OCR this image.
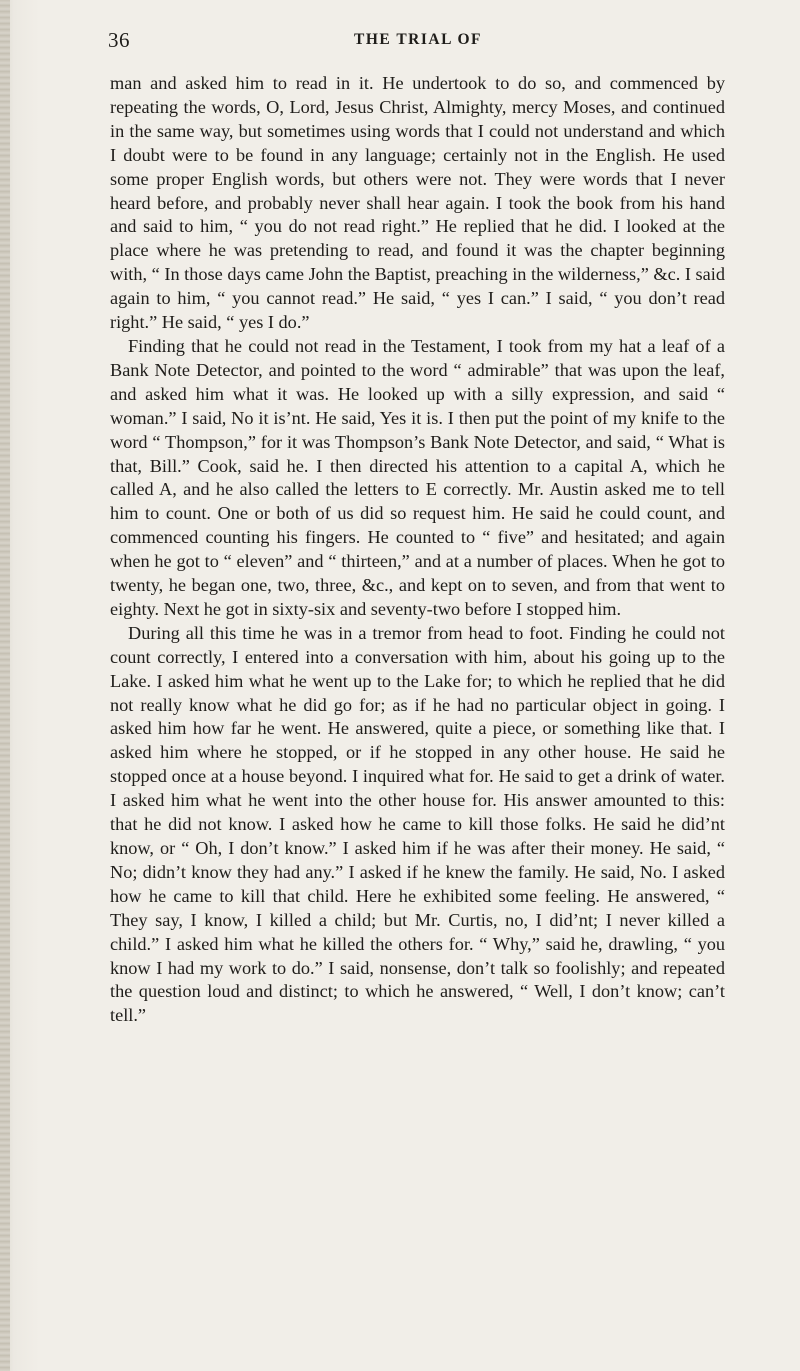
36	THE TRIAL OF

man and asked him to read in it. He undertook to do so, and commenced by repeating the words, O, Lord, Jesus Christ, Almighty, mercy Moses, and continued in the same way, but sometimes using words that I could not understand and which I doubt were to be found in any language; certainly not in the English. He used some proper English words, but others were not. They were words that I never heard before, and probably never shall hear again. I took the book from his hand and said to him, “ you do not read right.” He replied that he did. I looked at the place where he was pretending to read, and found it was the chapter beginning with, “ In those days came John the Baptist, preaching in the wilderness,” &c. I said again to him, “ you cannot read.” He said, “ yes I can.” I said, “ you don’t read right.” He said, “ yes I do.”

Finding that he could not read in the Testament, I took from my hat a leaf of a Bank Note Detector, and pointed to the word “ admirable” that was upon the leaf, and asked him what it was. He looked up with a silly expression, and said “ woman.” I said, No it is’nt. He said, Yes it is. I then put the point of my knife to the word “ Thompson,” for it was Thompson’s Bank Note Detector, and said, “ What is that, Bill.” Cook, said he. I then directed his attention to a capital A, which he called A, and he also called the letters to E correctly. Mr. Austin asked me to tell him to count. One or both of us did so request him. He said he could count, and commenced counting his fingers. He counted to “ five” and hesitated; and again when he got to “ eleven” and “ thirteen,” and at a number of places. When he got to twenty, he began one, two, three, &c., and kept on to seven, and from that went to eighty. Next he got in sixty-six and seventy-two before I stopped him.

During all this time he was in a tremor from head to foot. Finding he could not count correctly, I entered into a conversation with him, about his going up to the Lake. I asked him what he went up to the Lake for; to which he replied that he did not really know what he did go for; as if he had no particular object in going. I asked him how far he went. He answered, quite a piece, or something like that. I asked him where he stopped, or if he stopped in any other house. He said he stopped once at a house beyond. I inquired what for. He said to get a drink of water. I asked him what he went into the other house for. His answer amounted to this: that he did not know. I asked how he came to kill those folks. He said he did’nt know, or “ Oh, I don’t know.” I asked him if he was after their money. He said, “ No; didn’t know they had any.” I asked if he knew the family. He said, No. I asked how he came to kill that child. Here he exhibited some feeling. He answered, “ They say, I know, I killed a child; but Mr. Curtis, no, I did’nt; I never killed a child.” I asked him what he killed the others for. “ Why,” said he, drawling, “ you know I had my work to do.” I said, nonsense, don’t talk so foolishly; and repeated the question loud and distinct; to which he answered, “ Well, I don’t know; can’t tell.”
